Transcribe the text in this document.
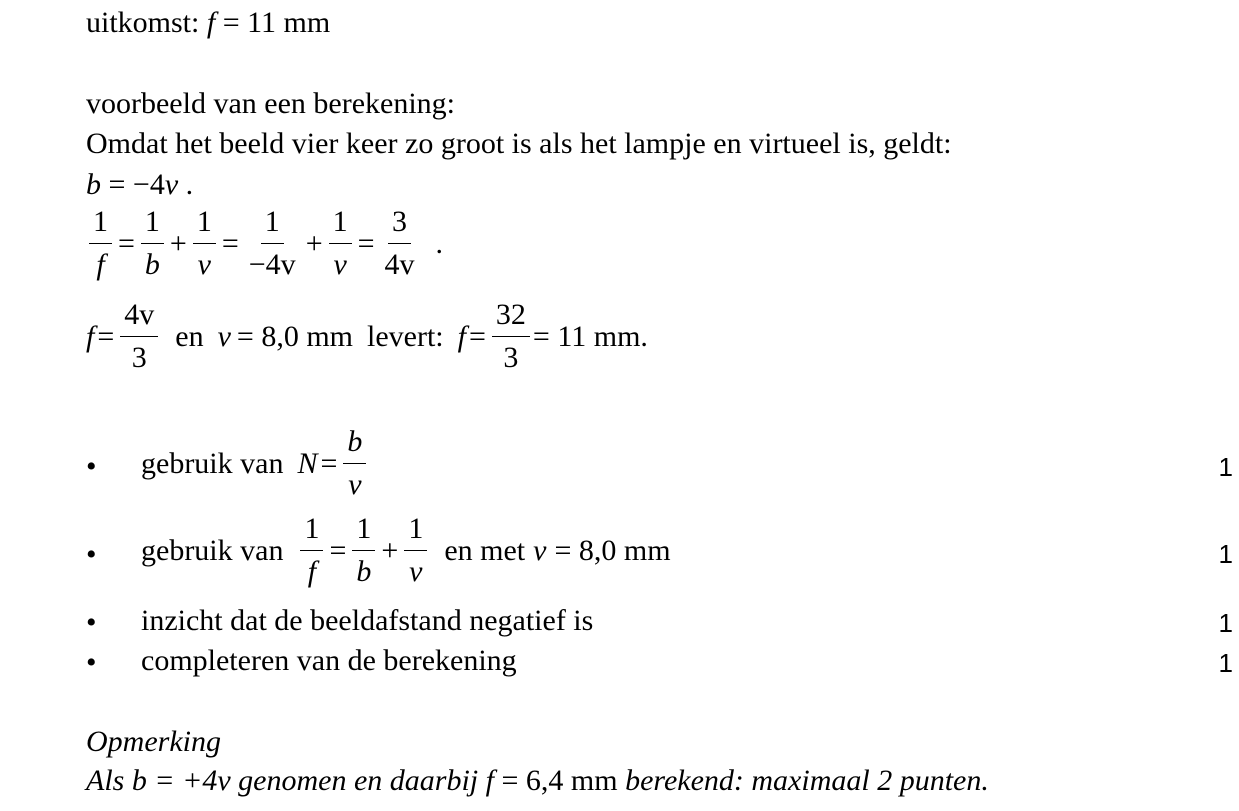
uitkomst: f = 11 mm
voorbeeld van een berekening:
Omdat het beeld vier keer zo groot is als het lampje en virtueel is, geldt:
b = −4v .
$\frac{1}{f} = \frac{1}{b} + \frac{1}{v} = \frac{1}{-4v} + \frac{1}{v} = \frac{3}{4v}$ .
$f = \frac{4v}{3}$ en v = 8,0 mm levert: $f = \frac{32}{3} = 11$ mm.
• gebruik van $N = \frac{b}{v}$	1
• gebruik van $\frac{1}{f} = \frac{1}{b} + \frac{1}{v}$ en met v = 8,0 mm	1
• inzicht dat de beeldafstand negatief is	1
• completeren van de berekening	1
Opmerking
Als b = +4v genomen en daarbij f = 6,4 mm berekend: maximaal 2 punten.
